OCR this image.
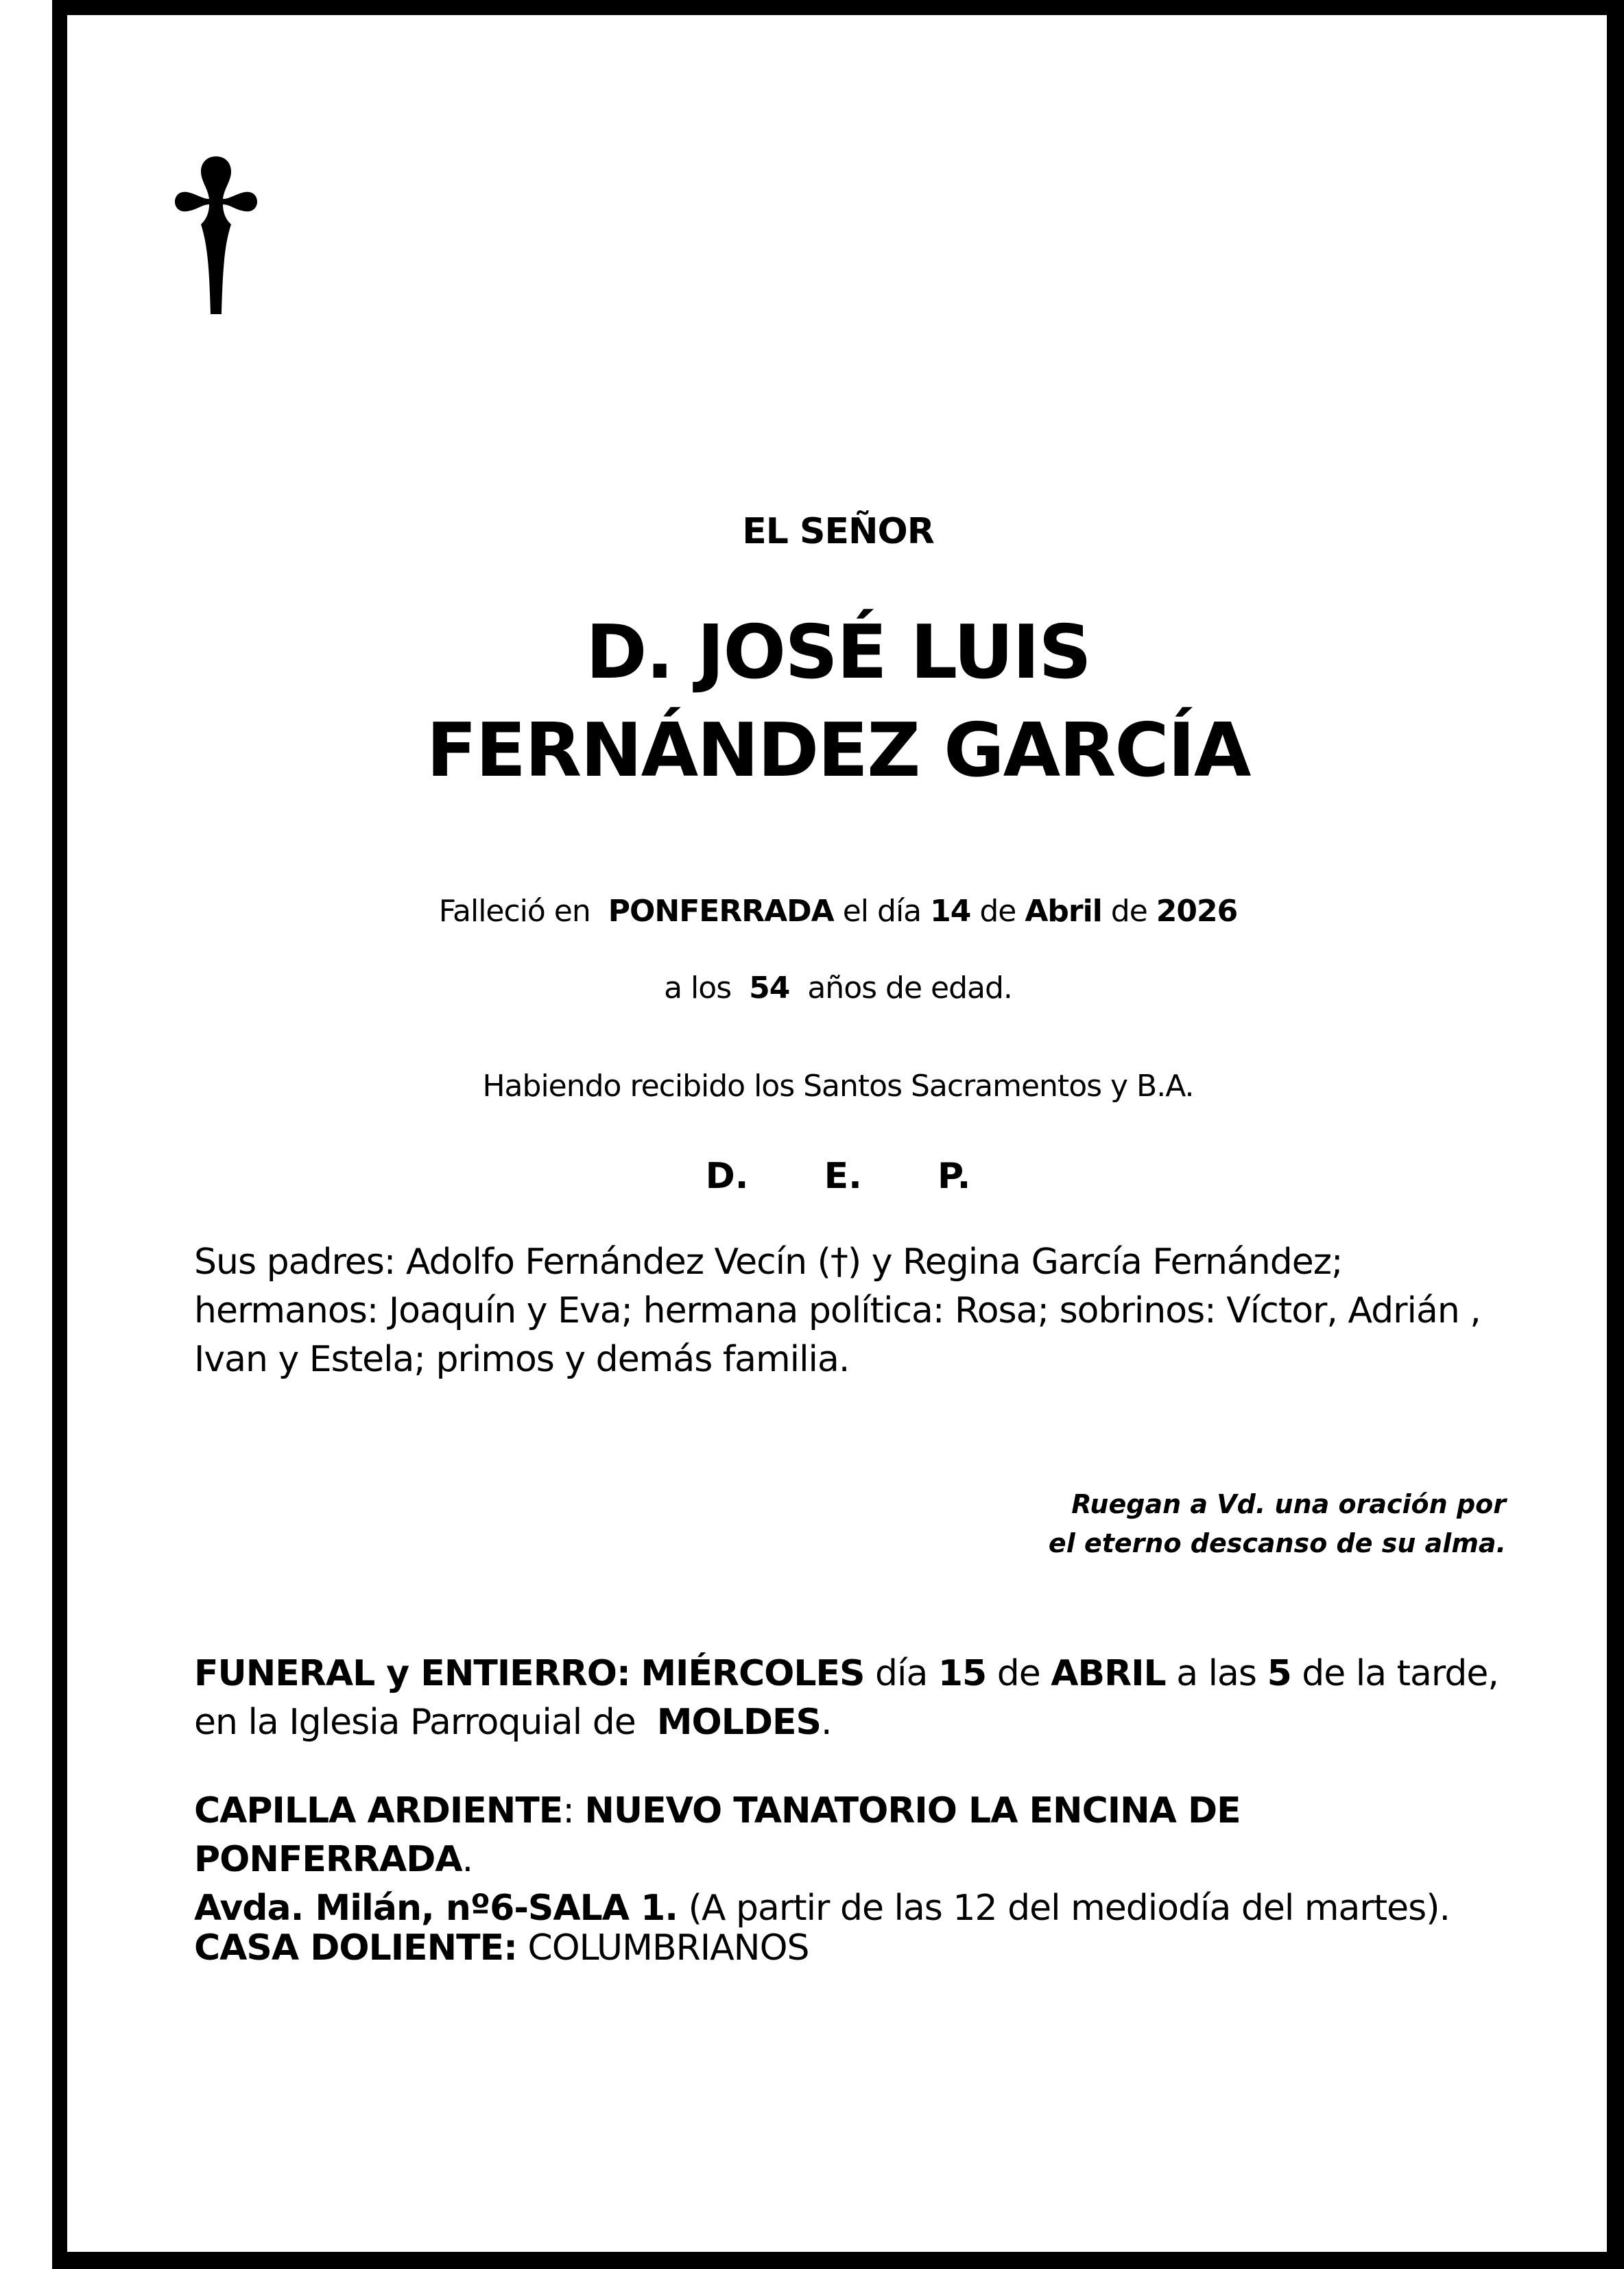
EL SEÑOR
D. JOSÉ LUIS
FERNÁNDEZ GARCÍA
Falleció en PONFERRADA el día 14 de Abril de 2026
a los 54 años de edad.
Habiendo recibido los Santos Sacramentos y B.A.
D. E. P.
Sus padres: Adolfo Fernández Vecín (†) y Regina García Fernández; hermanos: Joaquín y Eva; hermana política: Rosa; sobrinos: Víctor, Adrián , Ivan y Estela; primos y demás familia.
Ruegan a Vd. una oración por
el eterno descanso de su alma.
FUNERAL y ENTIERRO: MIÉRCOLES día 15 de ABRIL a las 5 de la tarde,
en la Iglesia Parroquial de MOLDES.
CAPILLA ARDIENTE: NUEVO TANATORIO LA ENCINA DE PONFERRADA.
Avda. Milán, nº6-SALA 1. (A partir de las 12 del mediodía del martes).
CASA DOLIENTE: COLUMBRIANOS
